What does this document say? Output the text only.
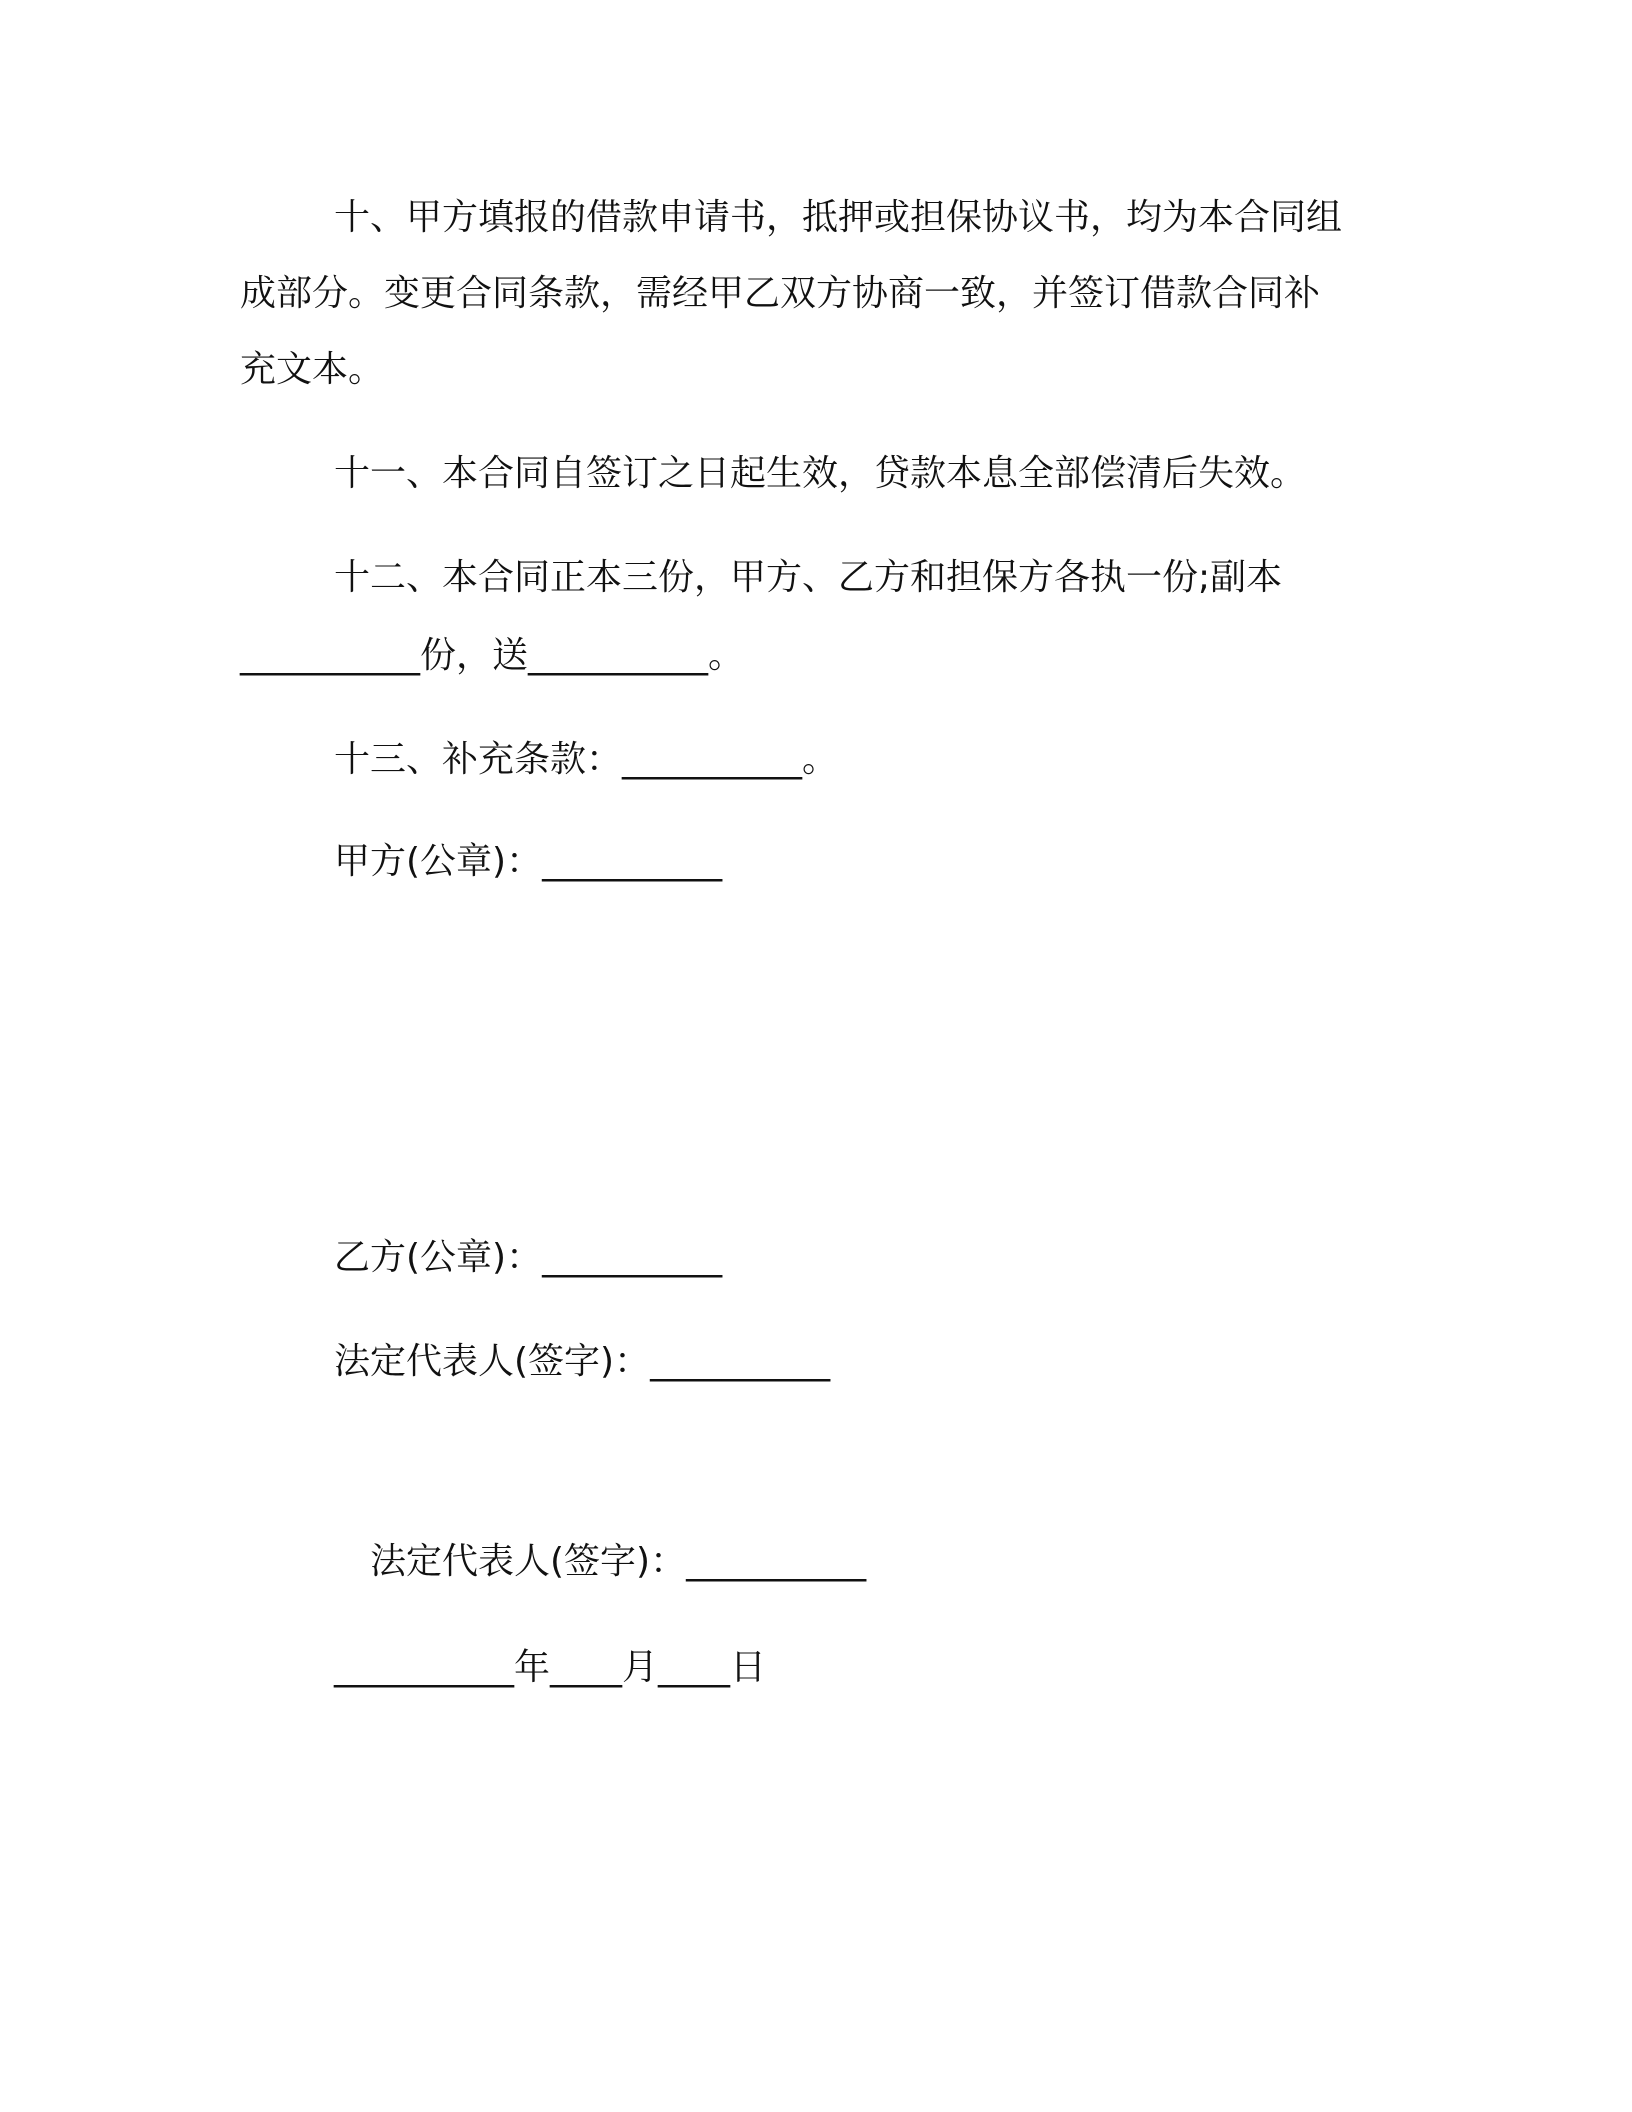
十、甲方填报的借款申请书，抵押或担保协议书，均为本合同组
成部分。变更合同条款，需经甲乙双方协商一致，并签订借款合同补
充文本。
十一、本合同自签订之日起生效，贷款本息全部偿清后失效。
十二、本合同正本三份，甲方、乙方和担保方各执一份;副本
__________份，送__________。
十三、补充条款：__________。
甲方(公章)：__________
乙方(公章)：__________
法定代表人(签字)：__________
法定代表人(签字)：__________
__________年____月____日
